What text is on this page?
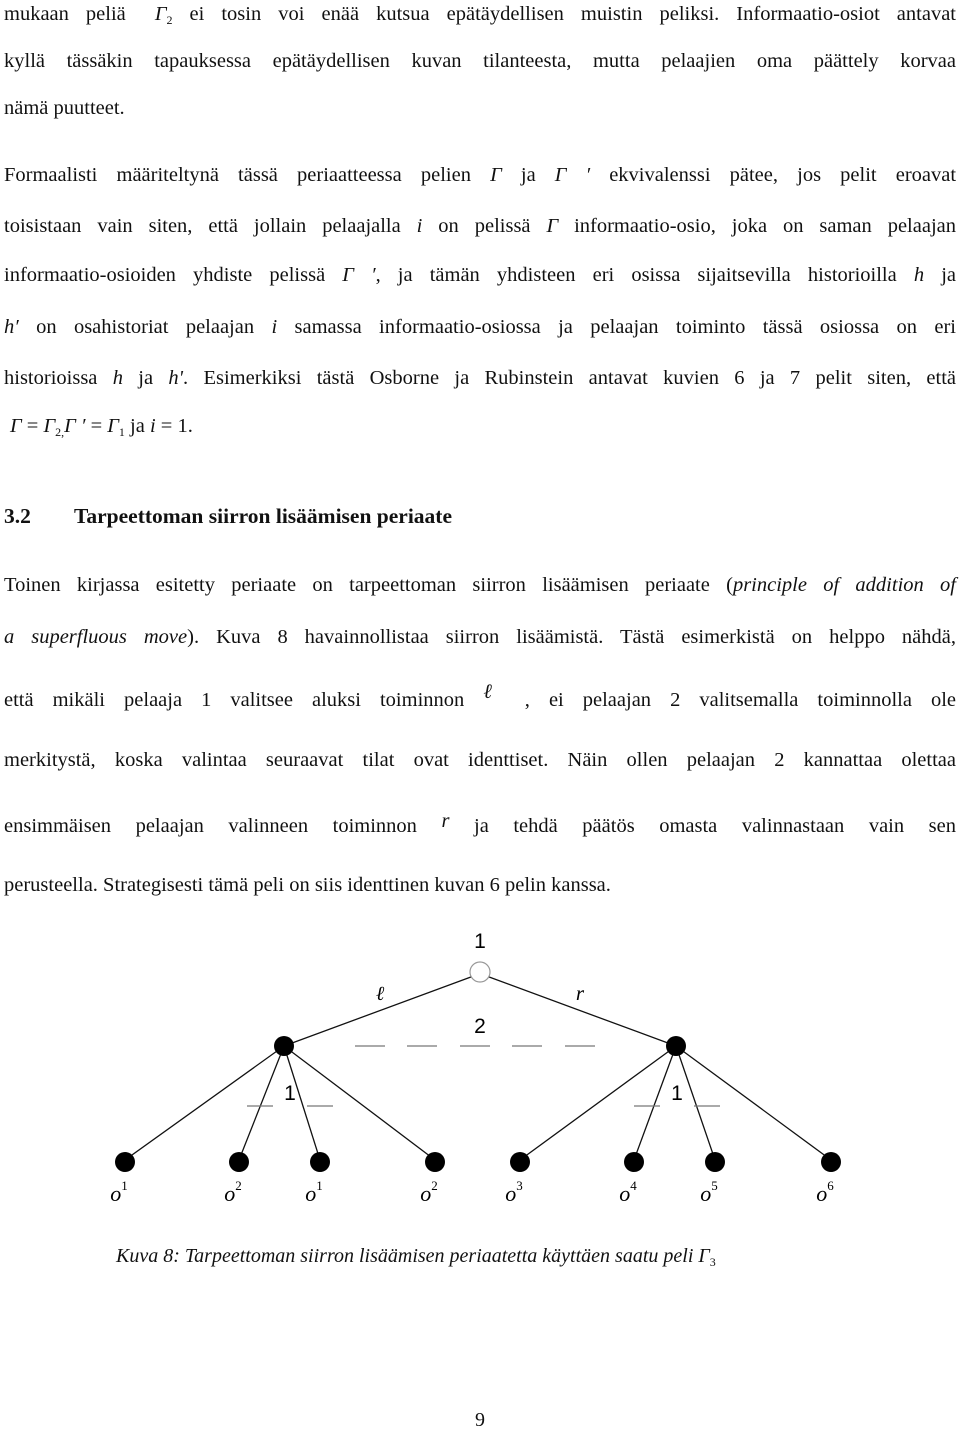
mukaan peliä $\Gamma_2$ ei tosin voi enää kutsua epätäydellisen muistin peliksi. Informaatio-osiot antavat
kyllä tässäkin tapauksessa epätäydellisen kuvan tilanteesta, mutta pelaajien oma päättely korvaa
nämä puutteet.
Formaalisti määriteltynä tässä periaatteessa pelien Γ ja Γ ′ ekvivalenssi pätee, jos pelit eroavat
toisistaan vain siten, että jollain pelaajalla i on pelissä Γ informaatio-osio, joka on saman pelaajan
informaatio-osioiden yhdiste pelissä Γ ′, ja tämän yhdisteen eri osissa sijaitsevilla historioilla h ja
h′ on osahistoriat pelaajan i samassa informaatio-osiossa ja pelaajan toiminto tässä osiossa on eri
historioissa h ja h'. Esimerkiksi tästä Osborne ja Rubinstein antavat kuvien 6 ja 7 pelit siten, että
$\Gamma = \Gamma_{2,}\Gamma$ ′ = $\Gamma_1$ ja i = 1.
3.2 Tarpeettoman siirron lisäämisen periaate
Toinen kirjassa esitetty periaate on tarpeettoman siirron lisäämisen periaate (principle of addition of
a superfluous move). Kuva 8 havainnollistaa siirron lisäämistä. Tästä esimerkistä on helppo nähdä,
että mikäli pelaaja 1 valitsee aluksi toiminnon ℓ , ei pelaajan 2 valitsemalla toiminnolla ole
merkitystä, koska valintaa seuraavat tilat ovat identtiset. Näin ollen pelaajan 2 kannattaa olettaa
ensimmäisen pelaajan valinneen toiminnon r ja tehdä päätös omasta valinnastaan vain sen
perusteella. Strategisesti tämä peli on siis identtinen kuvan 6 pelin kanssa.
1
ℓ	r
2
1	1
$o^1$	$o^2$	$o^1$	$o^2$	$o^3$	$o^4$	$o^5$	$o^6$
Kuva 8: Tarpeettoman siirron lisäämisen periaatetta käyttäen saatu peli $\Gamma_3$
9
